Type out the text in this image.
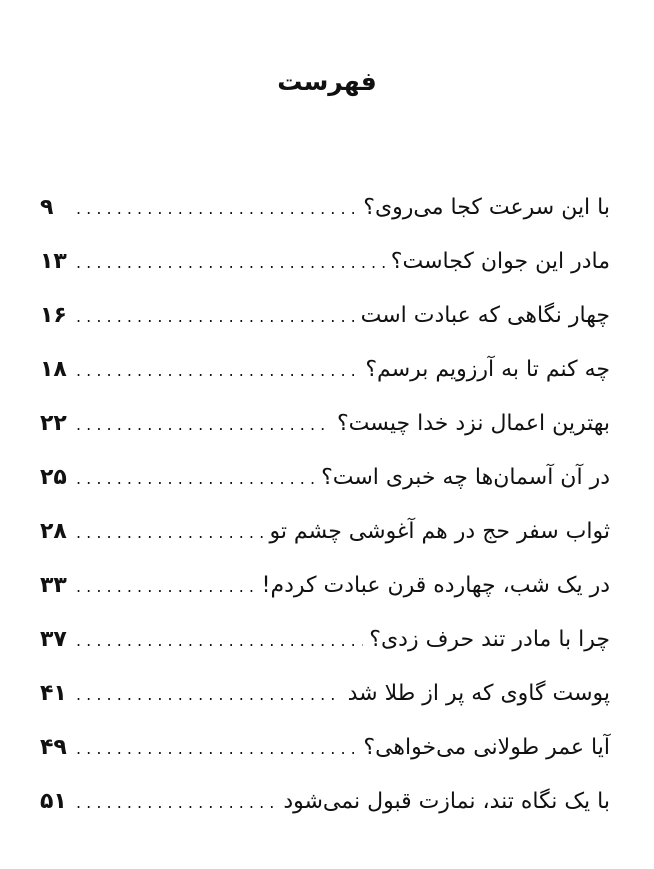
فهرست
با این سرعت کجا می‌روی؟
. . .
۹
مادر این جوان کجاست؟
. . .
۱۳
چهار نگاهی که عبادت است
. . .
۱۶
چه کنم تا به آرزویم برسم؟
. . .
۱۸
بهترین اعمال نزد خدا چیست؟
. . .
۲۲
در آن آسمان‌ها چه خبری است؟
. . .
۲۵
ثواب سفر حج در هم آغوشی چشم تو
. . .
۲۸
در یک شب، چهارده قرن عبادت کردم!
. . .
۳۳
چرا با مادر تند حرف زدی؟
. . .
۳۷
پوست گاوی که پر از طلا شد
. . .
۴۱
آیا عمر طولانی می‌خواهی؟
. . .
۴۹
با یک نگاه تند، نمازت قبول نمی‌شود
. . .
۵۱
